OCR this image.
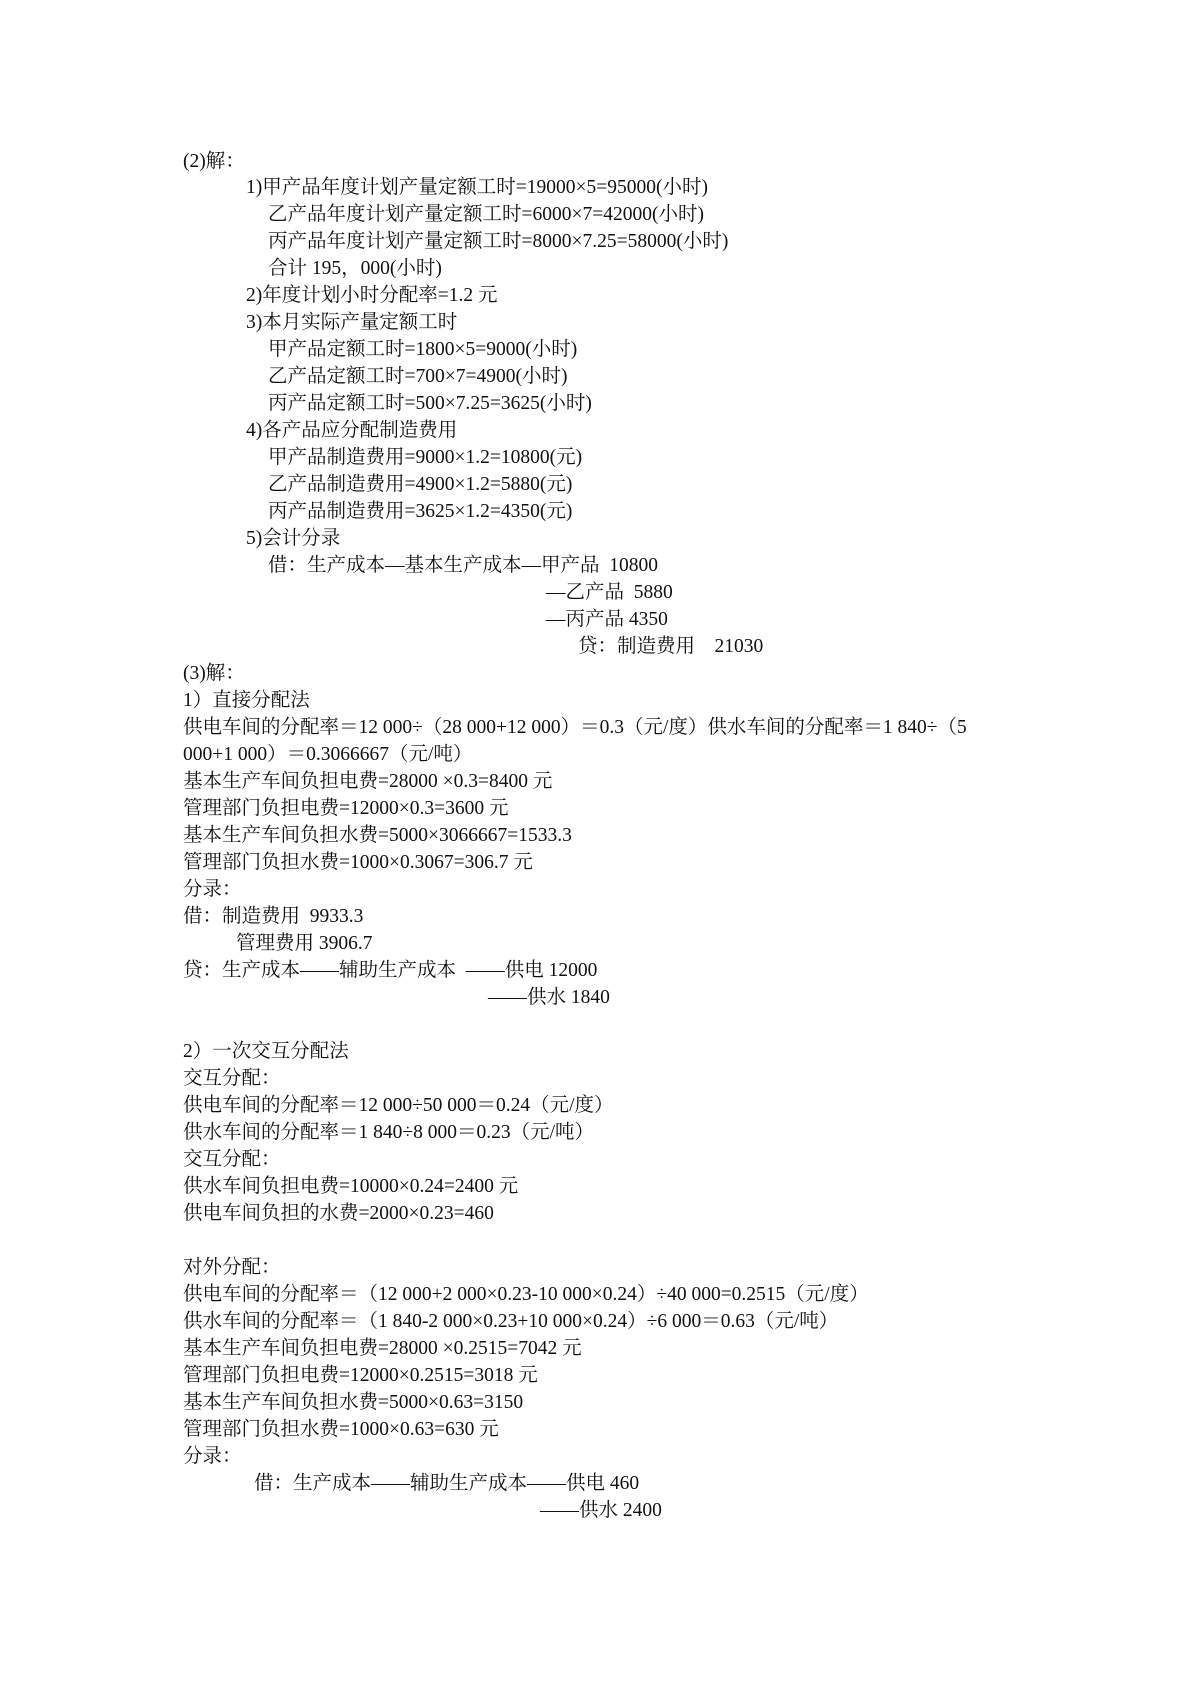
(2)解：
1)甲产品年度计划产量定额工时=19000×5=95000(小时)
乙产品年度计划产量定额工时=6000×7=42000(小时)
丙产品年度计划产量定额工时=8000×7.25=58000(小时)
合计 195，000(小时)
2)年度计划小时分配率=1.2 元
3)本月实际产量定额工时
甲产品定额工时=1800×5=9000(小时)
乙产品定额工时=700×7=4900(小时)
丙产品定额工时=500×7.25=3625(小时)
4)各产品应分配制造费用
甲产品制造费用=9000×1.2=10800(元)
乙产品制造费用=4900×1.2=5880(元)
丙产品制造费用=3625×1.2=4350(元)
5)会计分录
借：生产成本—基本生产成本—甲产品  10800
—乙产品  5880
—丙产品 4350
贷：制造费用    21030
(3)解：
1）直接分配法
供电车间的分配率＝12 000÷（28 000+12 000）＝0.3（元/度）供水车间的分配率＝1 840÷（5
000+1 000）＝0.3066667（元/吨）
基本生产车间负担电费=28000 ×0.3=8400 元
管理部门负担电费=12000×0.3=3600 元
基本生产车间负担水费=5000×3066667=1533.3
管理部门负担水费=1000×0.3067=306.7 元
分录：
借：制造费用  9933.3
管理费用 3906.7
贷：生产成本——辅助生产成本  ——供电 12000
——供水 1840
2）一次交互分配法
交互分配：
供电车间的分配率＝12 000÷50 000＝0.24（元/度）
供水车间的分配率＝1 840÷8 000＝0.23（元/吨）
交互分配：
供水车间负担电费=10000×0.24=2400 元
供电车间负担的水费=2000×0.23=460
对外分配：
供电车间的分配率＝（12 000+2 000×0.23-10 000×0.24）÷40 000=0.2515（元/度）
供水车间的分配率＝（1 840-2 000×0.23+10 000×0.24）÷6 000＝0.63（元/吨）
基本生产车间负担电费=28000 ×0.2515=7042 元
管理部门负担电费=12000×0.2515=3018 元
基本生产车间负担水费=5000×0.63=3150
管理部门负担水费=1000×0.63=630 元
分录：
借：生产成本——辅助生产成本——供电 460
——供水 2400
